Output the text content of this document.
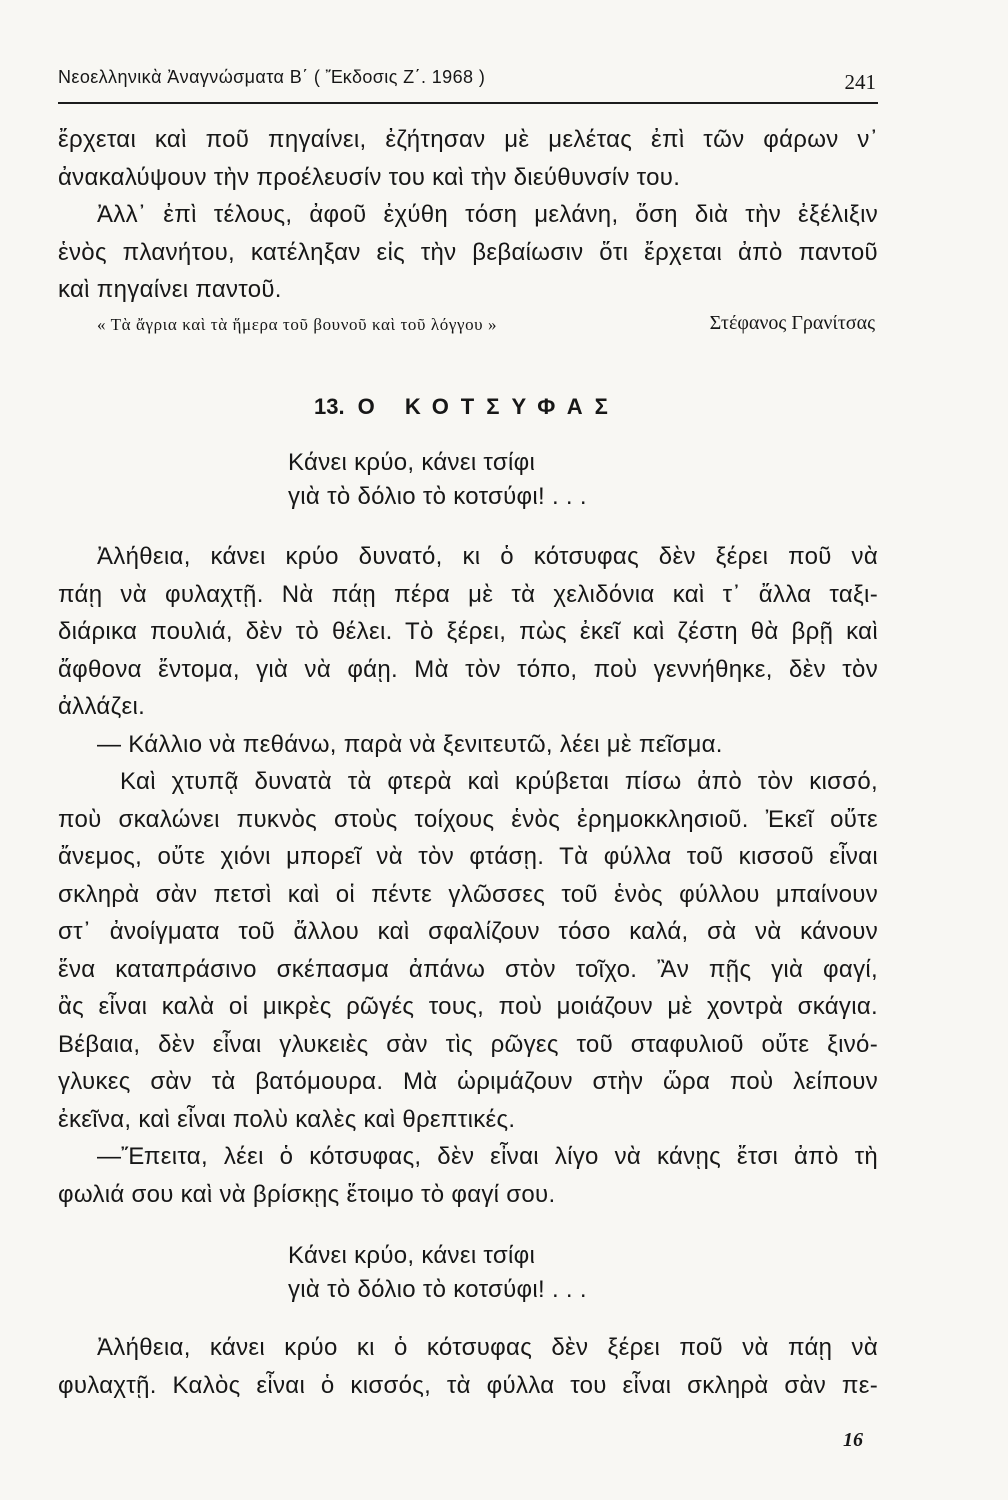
Νεοελληνικὰ Ἀναγνώσματα Β΄ ( Ἔκδοσις Ζ΄. 1968 )	241
ἔρχεται καὶ ποῦ πηγαίνει, ἐζήτησαν μὲ μελέτας ἐπὶ τῶν φάρων ν᾿
ἀνακαλύψουν τὴν προέλευσίν του καὶ τὴν διεύθυνσίν του.
Ἀλλ᾿ ἐπὶ τέλους, ἀφοῦ ἐχύθη τόση μελάνη, ὅση διὰ τὴν ἐξέλιξιν
ἑνὸς πλανήτου, κατέληξαν εἰς τὴν βεβαίωσιν ὅτι ἔρχεται ἀπὸ παντοῦ
καὶ πηγαίνει παντοῦ.
« Τὰ ἄγρια καὶ τὰ ἥμερα τοῦ βουνοῦ καὶ τοῦ λόγγου »	Στέφανος Γρανίτσας
13. Ο ΚΟΤΣΥΦΑΣ
Κάνει κρύο, κάνει τσίφι
γιὰ τὸ δόλιο τὸ κοτσύφι! . . .
Ἀλήθεια, κάνει κρύο δυνατό, κι ὁ κότσυφας δὲν ξέρει ποῦ νὰ
πάῃ νὰ φυλαχτῇ. Νὰ πάῃ πέρα μὲ τὰ χελιδόνια καὶ τ᾿ ἄλλα ταξι-
διάρικα πουλιά, δὲν τὸ θέλει. Τὸ ξέρει, πὼς ἐκεῖ καὶ ζέστη θὰ βρῇ καὶ
ἄφθονα ἔντομα, γιὰ νὰ φάῃ. Μὰ τὸν τόπο, ποὺ γεννήθηκε, δὲν τὸν
ἀλλάζει.
— Κάλλιο νὰ πεθάνω, παρὰ νὰ ξενιτευτῶ, λέει μὲ πεῖσμα.
Καὶ χτυπᾷ δυνατὰ τὰ φτερὰ καὶ κρύβεται πίσω ἀπὸ τὸν κισσό,
ποὺ σκαλώνει πυκνὸς στοὺς τοίχους ἑνὸς ἐρημοκκλησιοῦ. Ἐκεῖ οὔτε
ἄνεμος, οὔτε χιόνι μπορεῖ νὰ τὸν φτάσῃ. Τὰ φύλλα τοῦ κισσοῦ εἶναι
σκληρὰ σὰν πετσὶ καὶ οἱ πέντε γλῶσσες τοῦ ἑνὸς φύλλου μπαίνουν
στ᾿ ἀνοίγματα τοῦ ἄλλου καὶ σφαλίζουν τόσο καλά, σὰ νὰ κάνουν
ἕνα καταπράσινο σκέπασμα ἀπάνω στὸν τοῖχο. Ἂν πῇς γιὰ φαγί,
ἂς εἶναι καλὰ οἱ μικρὲς ρῶγές τους, ποὺ μοιάζουν μὲ χοντρὰ σκάγια.
Βέβαια, δὲν εἶναι γλυκειὲς σὰν τὶς ρῶγες τοῦ σταφυλιοῦ οὔτε ξινό-
γλυκες σὰν τὰ βατόμουρα. Μὰ ὡριμάζουν στὴν ὥρα ποὺ λείπουν
ἐκεῖνα, καὶ εἶναι πολὺ καλὲς καὶ θρεπτικές.
—Ἔπειτα, λέει ὁ κότσυφας, δὲν εἶναι λίγο νὰ κάνῃς ἔτσι ἀπὸ τὴ
φωλιά σου καὶ νὰ βρίσκῃς ἕτοιμο τὸ φαγί σου.
Κάνει κρύο, κάνει τσίφι
γιὰ τὸ δόλιο τὸ κοτσύφι! . . .
Ἀλήθεια, κάνει κρύο κι ὁ κότσυφας δὲν ξέρει ποῦ νὰ πάῃ νὰ
φυλαχτῇ. Καλὸς εἶναι ὁ κισσός, τὰ φύλλα του εἶναι σκληρὰ σὰν πε-
16
